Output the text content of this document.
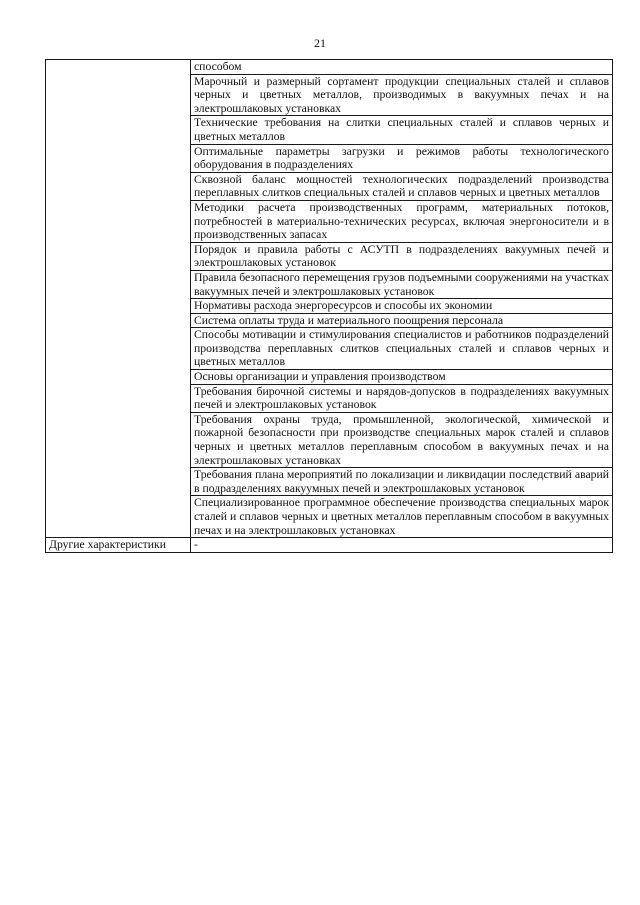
21

	способом

	Марочный и размерный сортамент продукции специальных сталей и сплавов черных и цветных металлов, производимых в вакуумных печах и на электрошлаковых установках

	Технические требования на слитки специальных сталей и сплавов черных и цветных металлов

	Оптимальные параметры загрузки и режимов работы технологического оборудования в подразделениях

	Сквозной баланс мощностей технологических подразделений производства переплавных слитков специальных сталей и сплавов черных и цветных металлов

	Методики расчета производственных программ, материальных потоков, потребностей в материально-технических ресурсах, включая энергоносители и в производственных запасах

	Порядок и правила работы с АСУТП в подразделениях вакуумных печей и электрошлаковых установок

	Правила безопасного перемещения грузов подъемными сооружениями на участках вакуумных печей и электрошлаковых установок

	Нормативы расхода энергоресурсов и способы их экономии

	Система оплаты труда и материального поощрения персонала

	Способы мотивации и стимулирования специалистов и работников подразделений производства переплавных слитков специальных сталей и сплавов черных и цветных металлов

	Основы организации и управления производством

	Требования бирочной системы и нарядов-допусков в подразделениях вакуумных печей и электрошлаковых установок

	Требования охраны труда, промышленной, экологической, химической и пожарной безопасности при производстве специальных марок сталей и сплавов черных и цветных металлов переплавным способом в вакуумных печах и на электрошлаковых установках

	Требования плана мероприятий по локализации и ликвидации последствий аварий в подразделениях вакуумных печей и электрошлаковых установок

	Специализированное программное обеспечение производства специальных марок сталей и сплавов черных и цветных металлов переплавным способом в вакуумных печах и на электрошлаковых установках

Другие характеристики	-
